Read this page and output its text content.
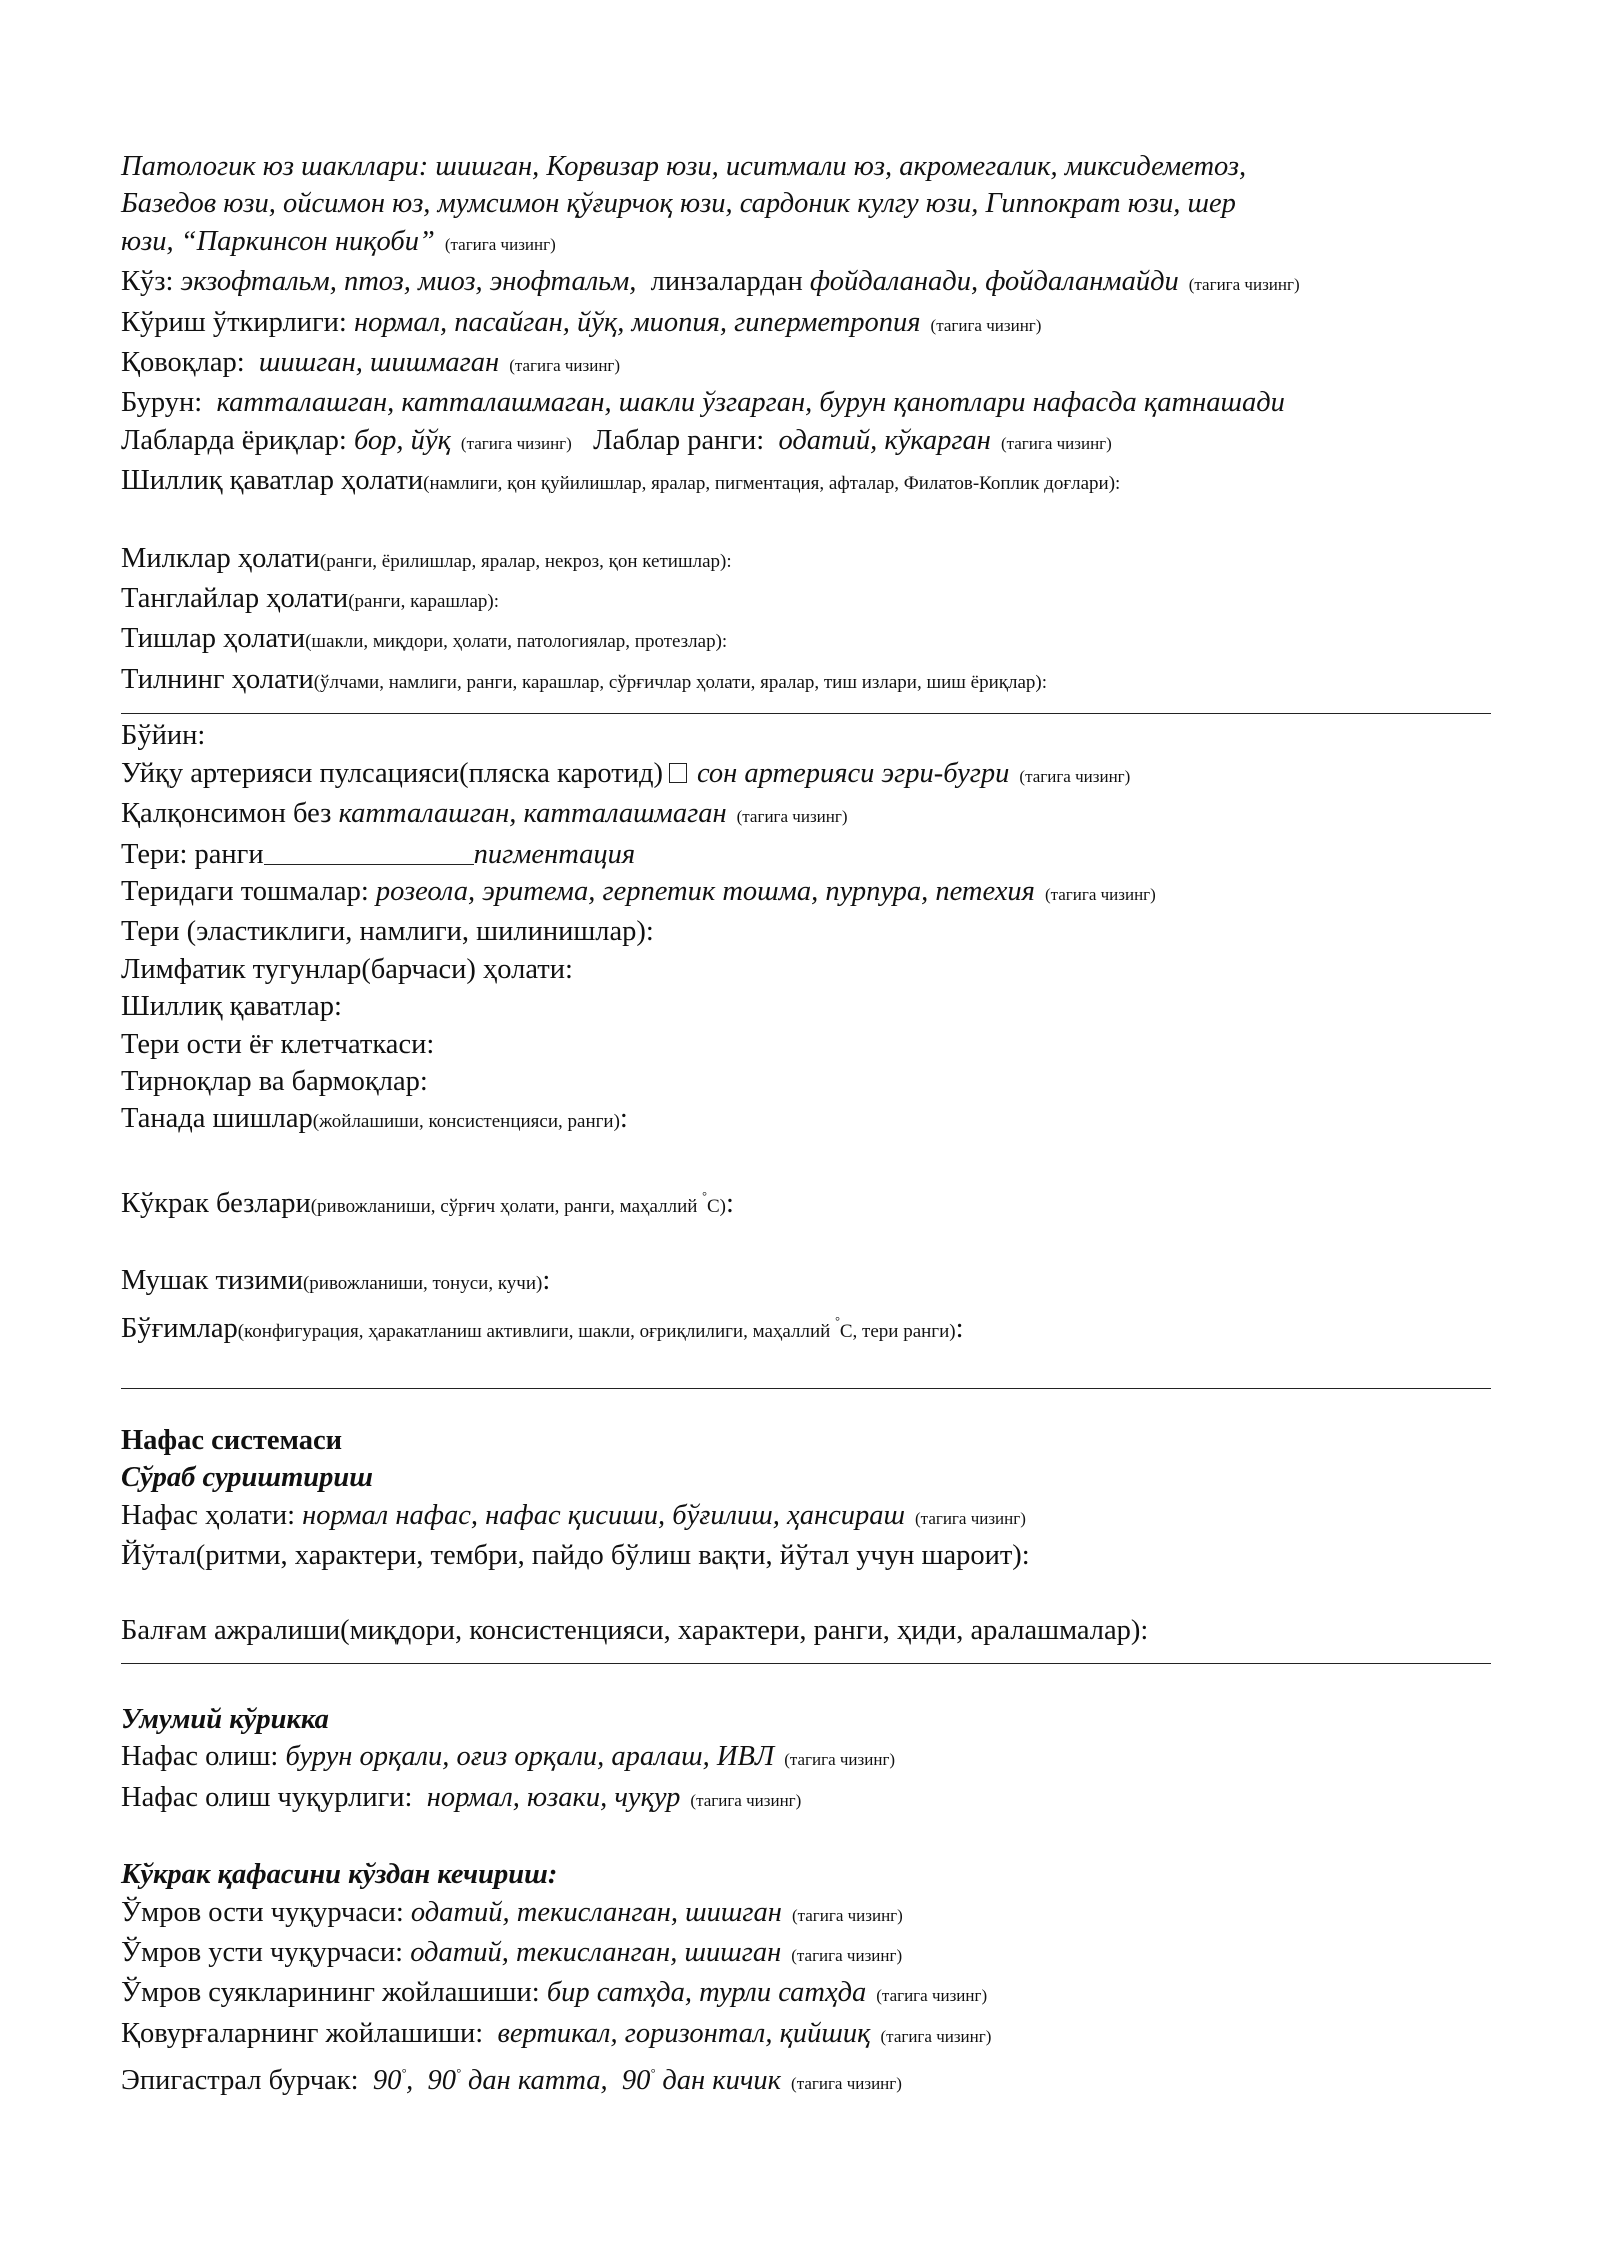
Патологик юз шакллари: шишган, Корвизар юзи, иситмали юз, акромегалик, миксидеметоз,
Базедов юзи, ойсимон юз, мумсимон қўғирчоқ юзи, сардоник кулгу юзи, Гиппократ юзи, шер
юзи, “Паркинсон ниқоби” (тагига чизинг)
Кўз: экзофтальм, птоз, миоз, энофтальм, линзалардан фойдаланади, фойдаланмайди (тагига чизинг)
Кўриш ўткирлиги: нормал, пасайган, йўқ, миопия, гиперметропия (тагига чизинг)
Қовоқлар: шишган, шишмаган (тагига чизинг)
Бурун: катталашган, катталашмаган, шакли ўзгарган, бурун қанотлари нафасда қатнашади
Лабларда ёриқлар: бор, йўқ (тагига чизинг) Лаблар ранги: одатий, кўкарган (тагига чизинг)
Шиллиқ қаватлар ҳолати(намлиги, қон қуйилишлар, яралар, пигментация, афталар, Филатов-Коплик доғлари):
Милклар ҳолати(ранги, ёрилишлар, яралар, некроз, қон кетишлар):
Танглайлар ҳолати(ранги, карашлар):
Тишлар ҳолати(шакли, миқдори, ҳолати, патологиялар, протезлар):
Тилнинг ҳолати(ўлчами, намлиги, ранги, карашлар, сўрғичлар ҳолати, яралар, тиш излари, шиш ёриқлар):
Бўйин:
Уйқу артерияси пулсацияси(пляска каротид) сон артерияси эгри-бугри (тагига чизинг)
Қалқонсимон без катталашган, катталашмаган (тагига чизинг)
Тери: ранги	пигментация
Теридаги тошмалар: розеола, эритема, герпетик тошма, пурпура, петехия (тагига чизинг)
Тери (эластиклиги, намлиги, шилинишлар):
Лимфатик тугунлар(барчаси) ҳолати:
Шиллиқ қаватлар:
Тери ости ёғ клетчаткаси:
Тирноқлар ва бармоқлар:
Танада шишлар(жойлашиши, консистенцияси, ранги):
Кўкрак безлари(ривожланиши, сўрғич ҳолати, ранги, маҳаллий °C):
Мушак тизими(ривожланиши, тонуси, кучи):
Бўғимлар(конфигурация, ҳаракатланиш активлиги, шакли, оғриқлилиги, маҳаллий °C, тери ранги):
Нафас системаси
Сўраб суриштириш
Нафас ҳолати: нормал нафас, нафас қисиши, бўғилиш, ҳансираш (тагига чизинг)
Йўтал(ритми, характери, тембри, пайдо бўлиш вақти, йўтал учун шароит):
Балғам ажралиши(миқдори, консистенцияси, характери, ранги, ҳиди, аралашмалар):
Умумий кўрикка
Нафас олиш: бурун орқали, оғиз орқали, аралаш, ИВЛ (тагига чизинг)
Нафас олиш чуқурлиги: нормал, юзаки, чуқур (тагига чизинг)
Кўкрак қафасини кўздан кечириш:
Ўмров ости чуқурчаси: одатий, текисланган, шишган (тагига чизинг)
Ўмров усти чуқурчаси: одатий, текисланган, шишган (тагига чизинг)
Ўмров суякларининг жойлашиши: бир сатҳда, турли сатҳда (тагига чизинг)
Қовурғаларнинг жойлашиши: вертикал, горизонтал, қийшиқ (тагига чизинг)
Эпигастрал бурчак: 90°,  90° дан катта, 90° дан кичик (тагига чизинг)
